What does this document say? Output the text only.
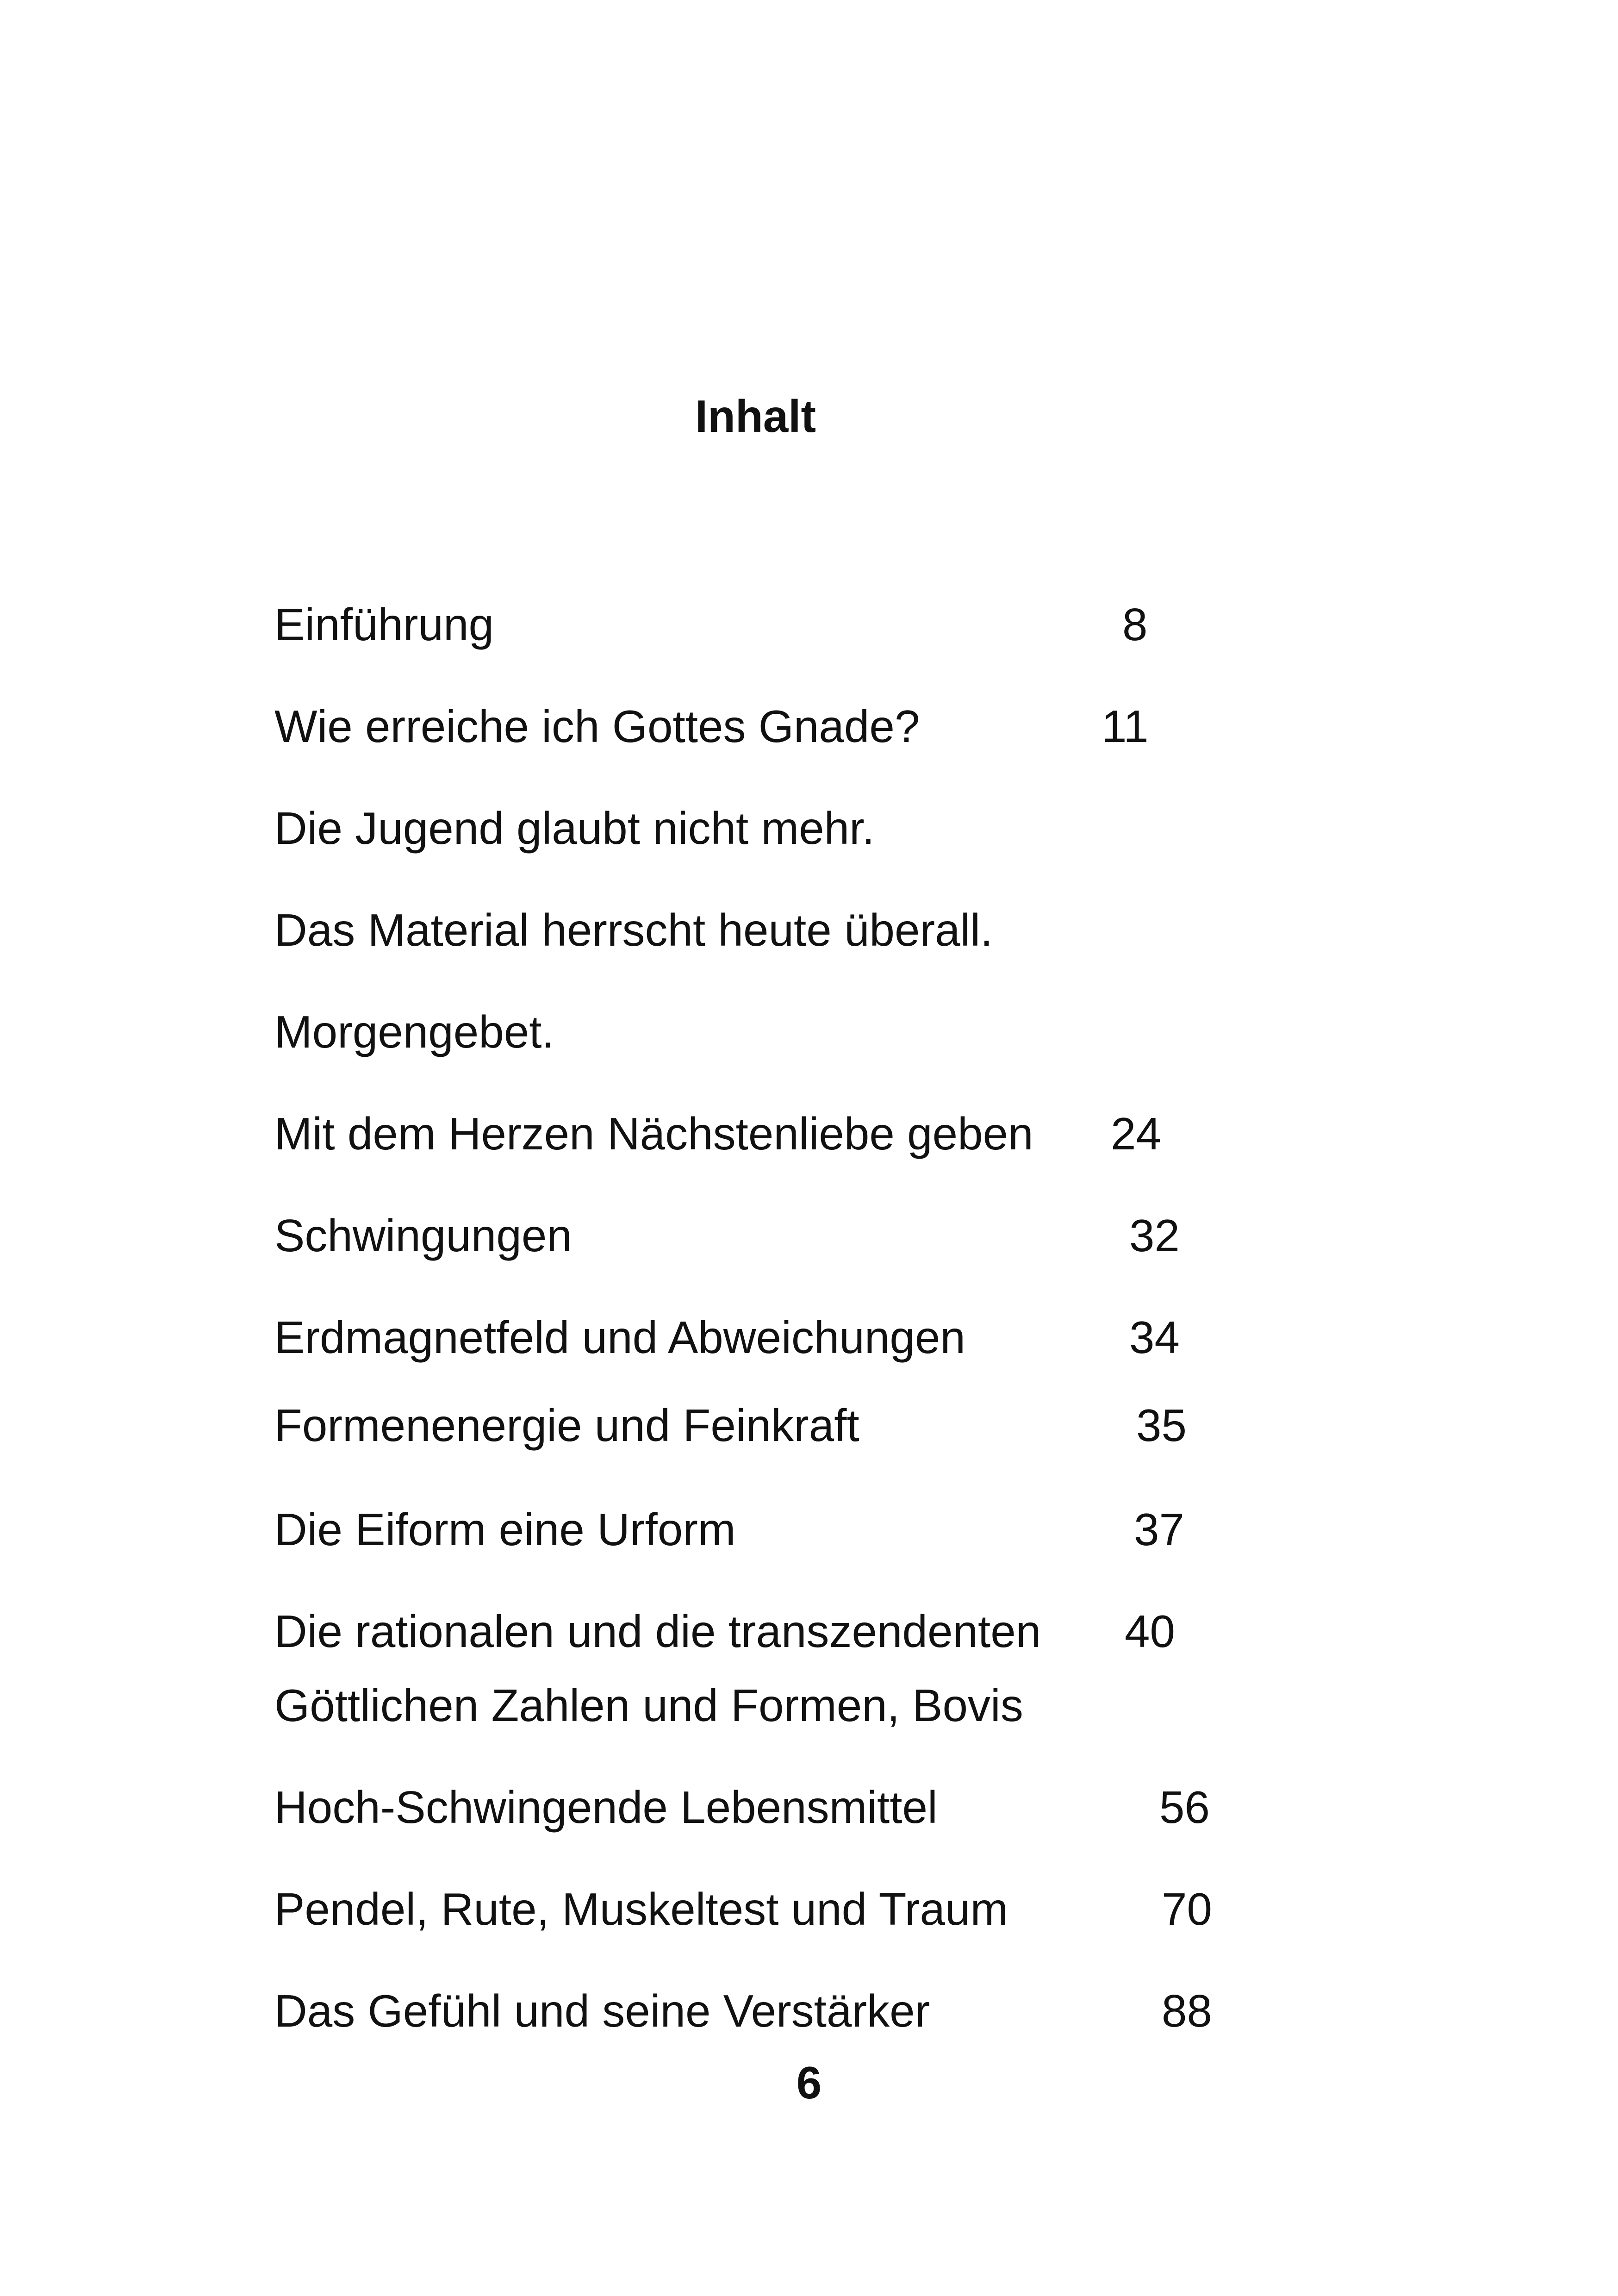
Inhalt
Einführung	8
Wie erreiche ich Gottes Gnade?	11
Die Jugend glaubt nicht mehr.
Das Material herrscht heute überall.
Morgengebet.
Mit dem Herzen Nächstenliebe geben 24
Schwingungen	32
Erdmagnetfeld und Abweichungen	34
Formenenergie und Feinkraft	35
Die Eiform eine Urform	37
Die rationalen und die transzendenten 40
Göttlichen Zahlen und Formen, Bovis
Hoch-Schwingende Lebensmittel	56
Pendel, Rute, Muskeltest und Traum	70
Das Gefühl und seine Verstärker	88
6
